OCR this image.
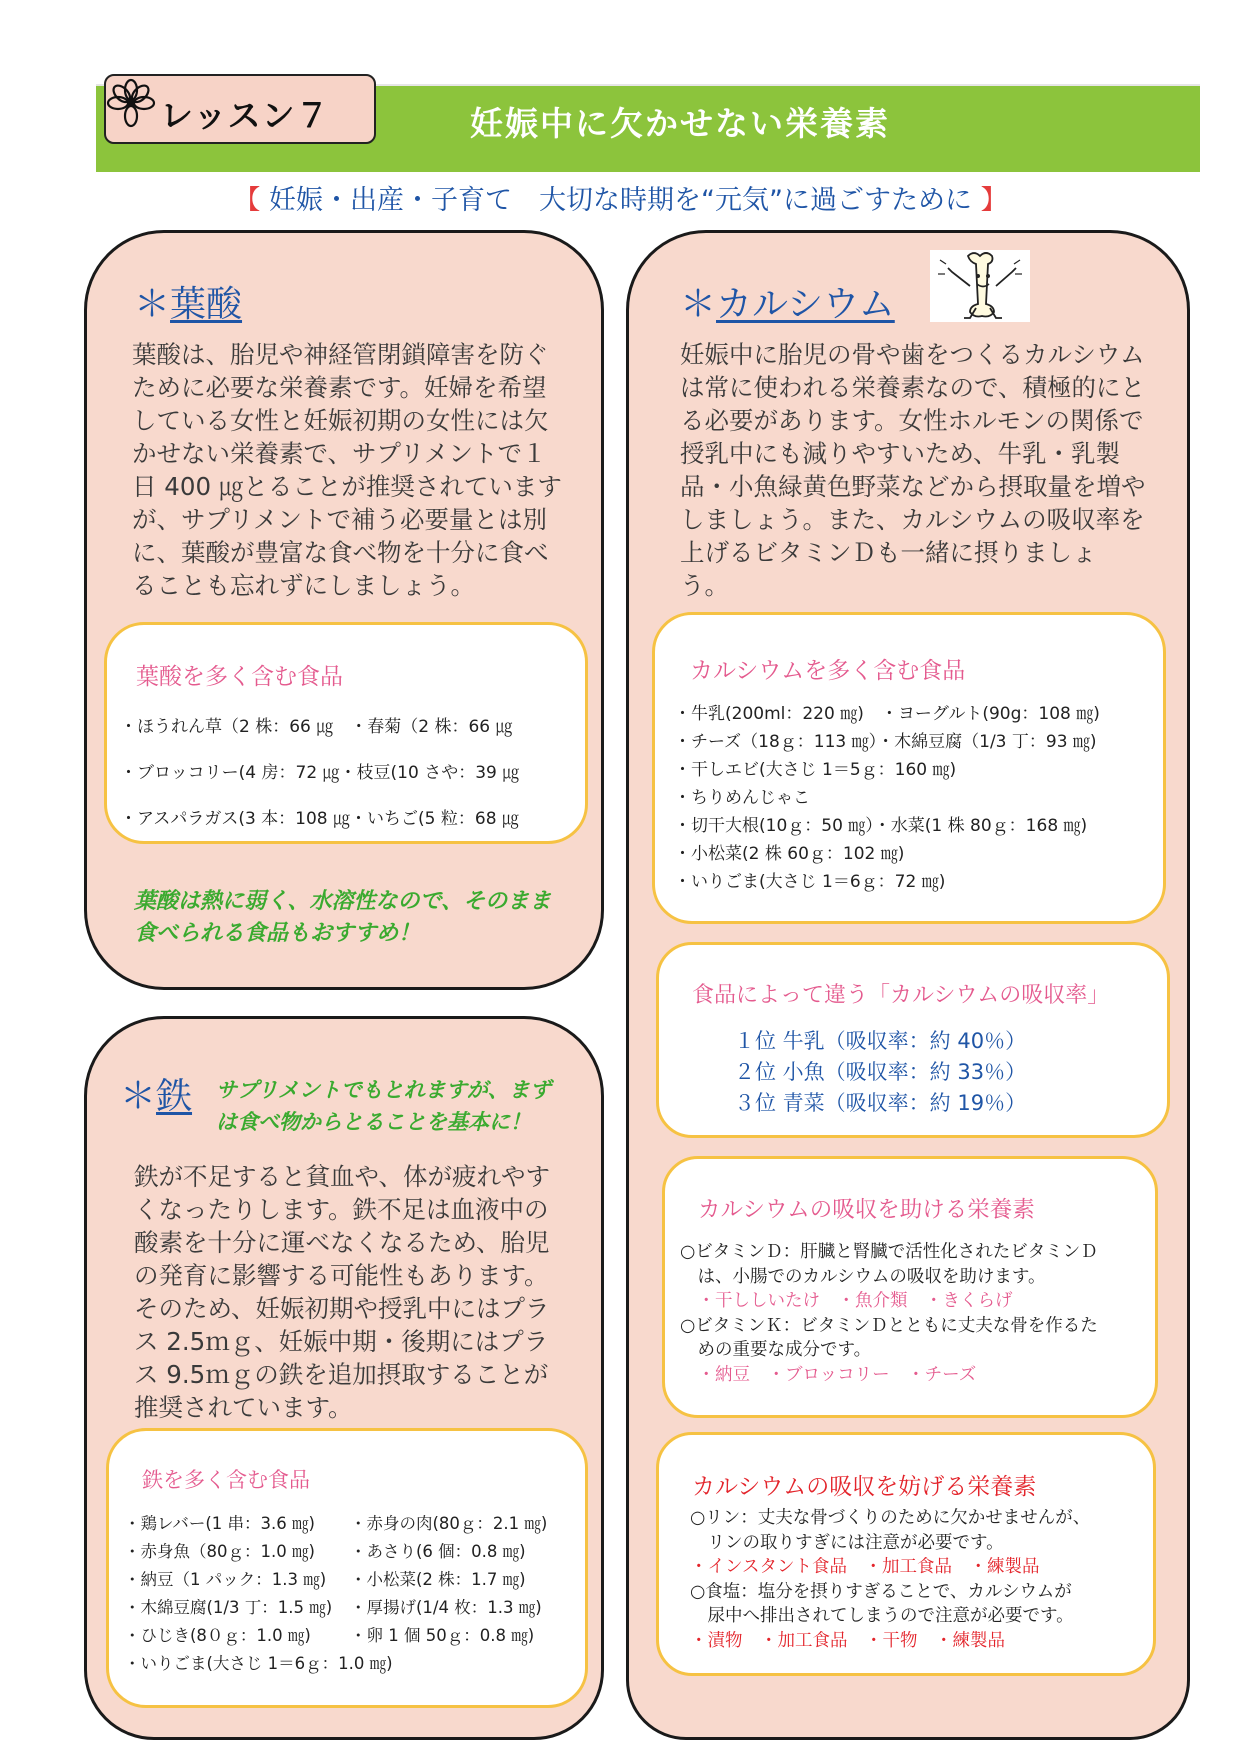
妊娠中に欠かせない栄養素
レッスン７
【 妊娠・出産・子育て　大切な時期を“元気”に過ごすために 】
＊葉酸
葉酸は、胎児や神経管閉鎖障害を防ぐ
ために必要な栄養素です。妊婦を希望
している女性と妊娠初期の女性には欠
かせない栄養素で、サプリメントで１
日 400 ㎍とることが推奨されています
が、サプリメントで補う必要量とは別
に、葉酸が豊富な食べ物を十分に食べ
ることも忘れずにしましょう。
葉酸を多く含む食品
・ほうれん草（2 株：66 ㎍　・春菊（2 株：66 ㎍
・ブロッコリー(4 房：72 ㎍・枝豆(10 さや：39 ㎍
・アスパラガス(3 本：108 ㎍・いちご(5 粒：68 ㎍
葉酸は熱に弱く、水溶性なので、そのまま
食べられる食品もおすすめ！
＊鉄 サプリメントでもとれますが、まず
は食べ物からとることを基本に！
鉄が不足すると貧血や、体が疲れやす
くなったりします。鉄不足は血液中の
酸素を十分に運べなくなるため、胎児
の発育に影響する可能性もあります。
そのため、妊娠初期や授乳中にはプラ
ス 2.5ｍｇ、妊娠中期・後期にはプラ
ス 9.5ｍｇの鉄を追加摂取することが
推奨されています。
鉄を多く含む食品
・鶏レバー(1 串：3.6 ㎎)
・赤身魚（80ｇ：1.0 ㎎)
・納豆（1 パック：1.3 ㎎)
・木綿豆腐(1/3 丁：1.5 ㎎)
・ひじき(8０ｇ：1.0 ㎎)
・いりごま(大さじ 1＝6ｇ：1.0 ㎎)
・赤身の肉(80ｇ：2.1 ㎎)
・あさり(6 個：0.8 ㎎)
・小松菜(2 株：1.7 ㎎)
・厚揚げ(1/4 枚：1.3 ㎎)
・卵 1 個 50ｇ：0.8 ㎎)
＊カルシウム
妊娠中に胎児の骨や歯をつくるカルシウム
は常に使われる栄養素なので、積極的にと
る必要があります。女性ホルモンの関係で
授乳中にも減りやすいため、牛乳・乳製
品・小魚緑黄色野菜などから摂取量を増や
しましょう。また、カルシウムの吸収率を
上げるビタミンＤも一緒に摂りましょ
う。
カルシウムを多く含む食品
・牛乳(200ml：220 ㎎)　・ヨーグルト(90g：108 ㎎)
・チーズ（18ｇ：113 ㎎）・木綿豆腐（1/3 丁：93 ㎎)
・干しエビ(大さじ 1＝5ｇ：160 ㎎)
・ちりめんじゃこ
・切干大根(10ｇ：50 ㎎）・水菜(1 株 80ｇ：168 ㎎)
・小松菜(2 株 60ｇ：102 ㎎)
・いりごま(大さじ 1＝6ｇ：72 ㎎)
食品によって違う「カルシウムの吸収率」
１位 牛乳（吸収率：約 40％）
２位 小魚（吸収率：約 33％）
３位 青菜（吸収率：約 19％）
カルシウムの吸収を助ける栄養素
○ビタミンＤ：肝臓と腎臓で活性化されたビタミンＤ
　は、小腸でのカルシウムの吸収を助けます。
　・干ししいたけ　・魚介類　・きくらげ
○ビタミンＫ：ビタミンＤとともに丈夫な骨を作るた
　めの重要な成分です。
　・納豆　・ブロッコリー　・チーズ
カルシウムの吸収を妨げる栄養素
○リン：丈夫な骨づくりのために欠かせませんが、
　リンの取りすぎには注意が必要です。
・インスタント食品　・加工食品　・練製品
○食塩：塩分を摂りすぎることで、カルシウムが
　尿中へ排出されてしまうので注意が必要です。
・漬物　・加工食品　・干物　・練製品
